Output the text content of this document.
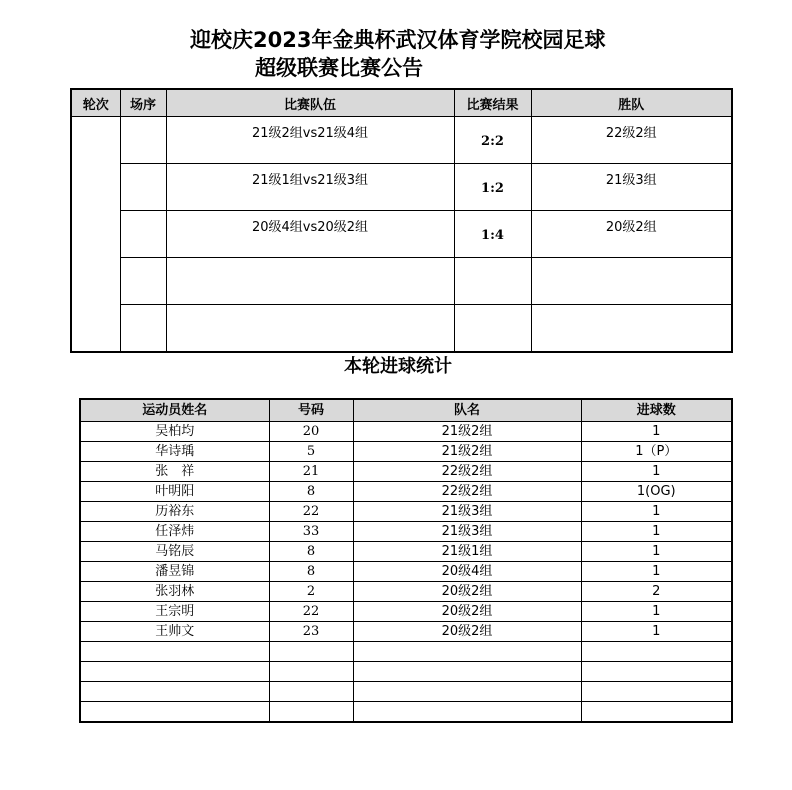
迎校庆2023年金典杯武汉体育学院校园足球
超级联赛比赛公告
轮次	场序	比赛队伍	比赛结果	胜队
		21级2组vs21级4组	2:2	22级2组
		21级1组vs21级3组	1:2	21级3组
		20级4组vs20级2组	1:4	20级2组

本轮进球统计
运动员姓名	号码	队名	进球数
吴柏均	20	21级2组	1
华诗瑀	5	21级2组	1（P）
张　祥	21	22级2组	1
叶明阳	8	22级2组	1(OG)
历裕东	22	21级3组	1
任泽炜	33	21级3组	1
马铭辰	8	21级1组	1
潘昱锦	8	20级4组	1
张羽林	2	20级2组	2
王宗明	22	20级2组	1
王帅文	23	20级2组	1
